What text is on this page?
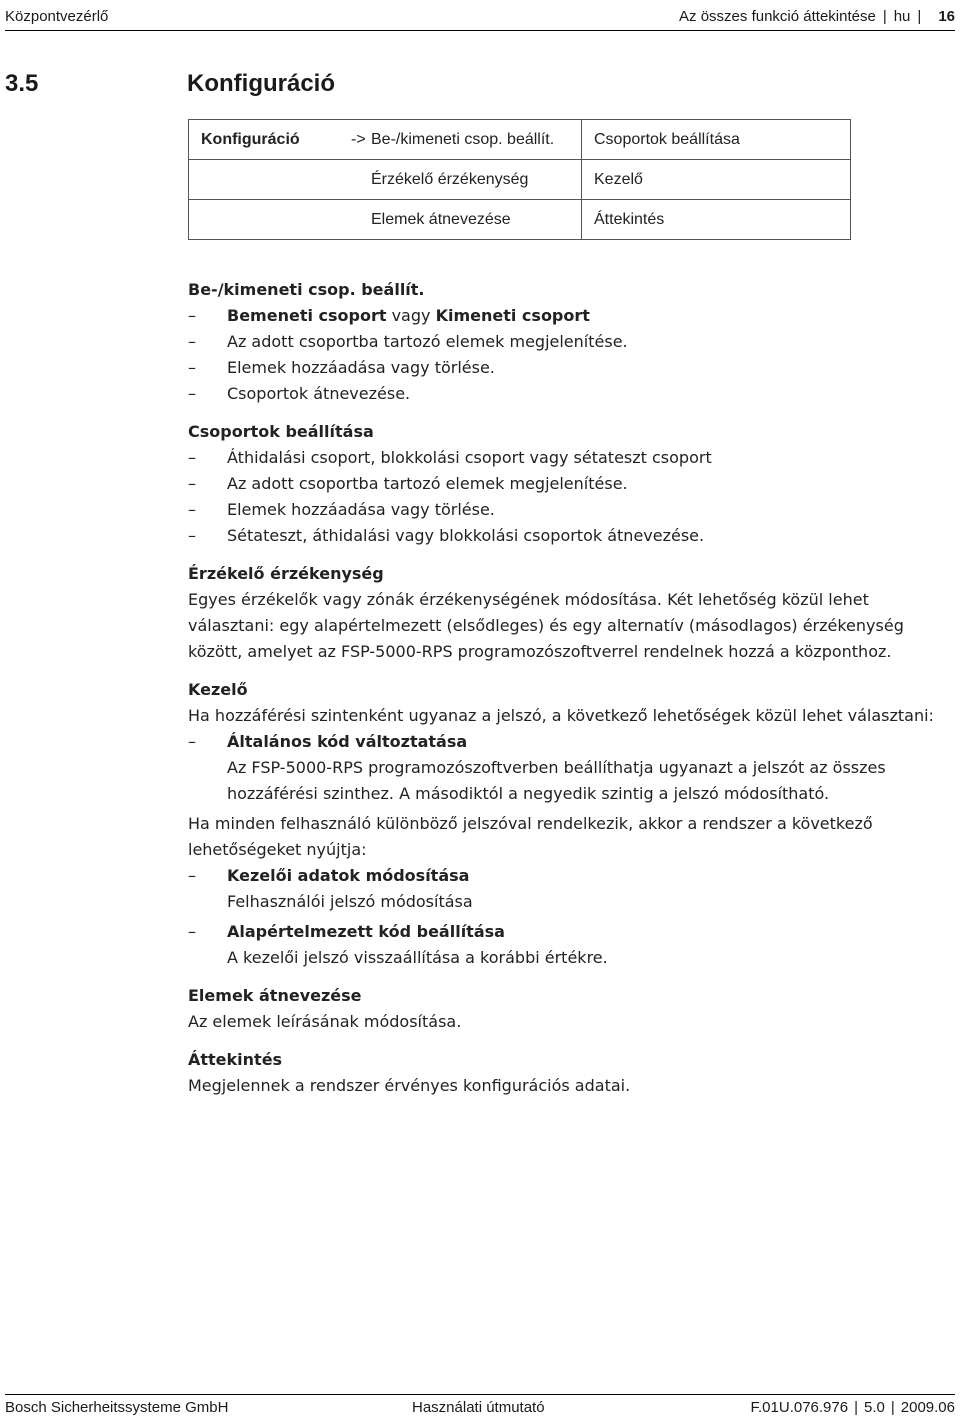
Központvezérlő	Az összes funkció áttekintése | hu | 16
3.5	Konfiguráció
Konfiguráció	->	Be-/kimeneti csop. beállít.	Csoportok beállítása
		Érzékelő érzékenység	Kezelő
		Elemek átnevezése	Áttekintés

Be-/kimeneti csop. beállít.

– Bemeneti csoport vagy Kimeneti csoport
– Az adott csoportba tartozó elemek megjelenítése.
– Elemek hozzáadása vagy törlése.
– Csoportok átnevezése.

Csoportok beállítása

– Áthidalási csoport, blokkolási csoport vagy sétateszt csoport
– Az adott csoportba tartozó elemek megjelenítése.
– Elemek hozzáadása vagy törlése.
– Sétateszt, áthidalási vagy blokkolási csoportok átnevezése.

Érzékelő érzékenység

Egyes érzékelők vagy zónák érzékenységének módosítása. Két lehetőség közül lehet választani: egy alapértelmezett (elsődleges) és egy alternatív (másodlagos) érzékenység között, amelyet az FSP-5000-RPS programozószoftverrel rendelnek hozzá a központhoz.

Kezelő

Ha hozzáférési szintenként ugyanaz a jelszó, a következő lehetőségek közül lehet választani:

– Általános kód változtatása
Az FSP-5000-RPS programozószoftverben beállíthatja ugyanazt a jelszót az összes hozzáférési szinthez. A másodiktól a negyedik szintig a jelszó módosítható.

Ha minden felhasználó különböző jelszóval rendelkezik, akkor a rendszer a következő lehetőségeket nyújtja:

– Kezelői adatok módosítása
Felhasználói jelszó módosítása
– Alapértelmezett kód beállítása
A kezelői jelszó visszaállítása a korábbi értékre.

Elemek átnevezése

Az elemek leírásának módosítása.

Áttekintés

Megjelennek a rendszer érvényes konfigurációs adatai.

Bosch Sicherheitssysteme GmbH	Használati útmutató	F.01U.076.976 | 5.0 | 2009.06
